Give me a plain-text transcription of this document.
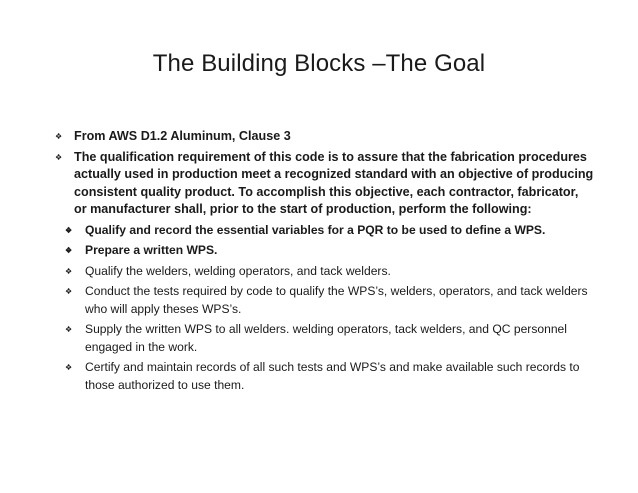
The Building Blocks –The Goal
❖ From AWS D1.2 Aluminum, Clause 3
❖ The qualification requirement of this code is to assure that the fabrication procedures actually used in production meet a recognized standard with an objective of producing consistent quality product. To accomplish this objective, each contractor, fabricator, or manufacturer shall, prior to the start of production, perform the following:
❖ Qualify and record the essential variables for a PQR to be used to define a WPS.
❖ Prepare a written WPS.
❖ Qualify the welders, welding operators, and tack welders.
❖ Conduct the tests required by code to qualify the WPS’s, welders, operators, and tack welders who will apply theses WPS’s.
❖ Supply the written WPS to all welders. welding operators, tack welders, and QC personnel engaged in the work.
❖ Certify and maintain records of all such tests and WPS’s and make available such records to those authorized to use them.
